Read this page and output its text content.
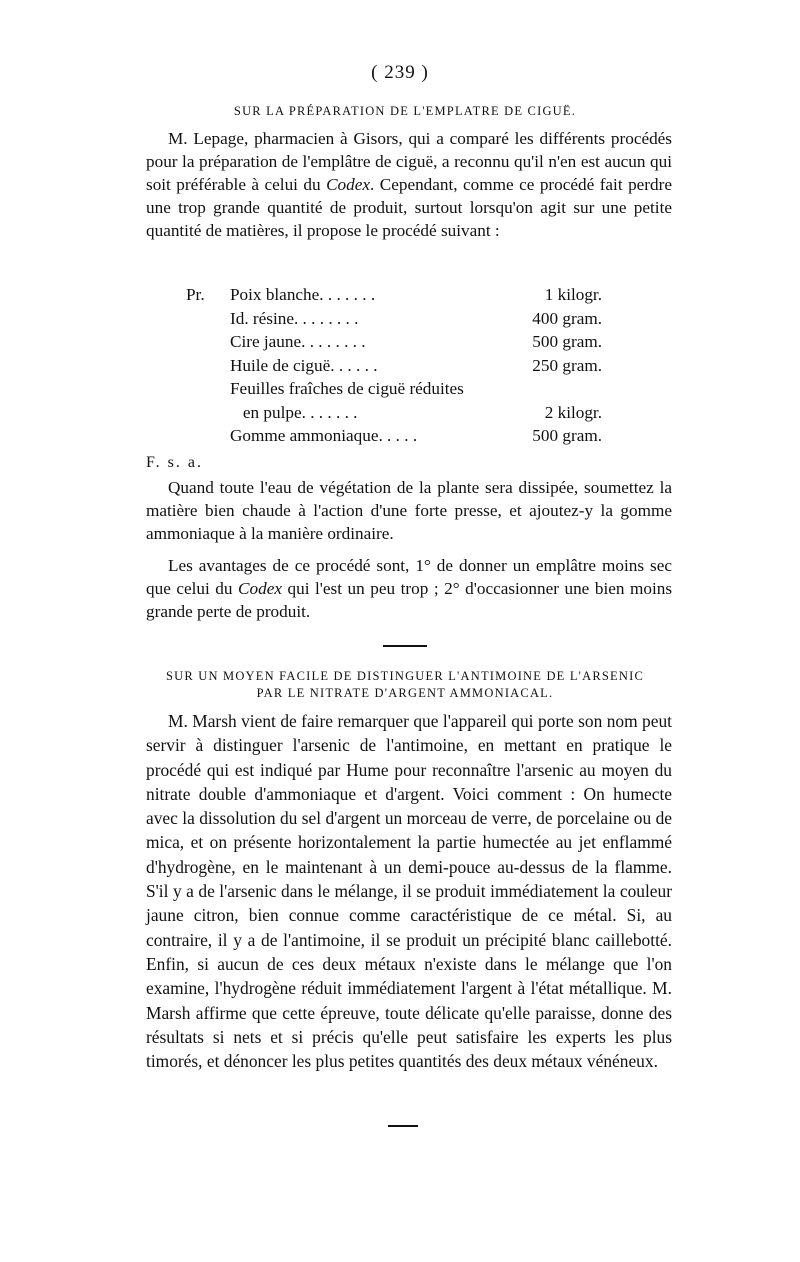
( 239 )
SUR LA PRÉPARATION DE L'EMPLATRE DE CIGUË.

M. Lepage, pharmacien à Gisors, qui a comparé les différents procédés pour la préparation de l'emplâtre de ciguë, a reconnu qu'il n'en est aucun qui soit préférable à celui du Codex. Cependant, comme ce procédé fait perdre une trop grande quantité de produit, surtout lorsqu'on agit sur une petite quantité de matières, il propose le procédé suivant :

Pr. Poix blanche. . . . . . .	1 kilogr.
Id. résine. . . . . . . .	400 gram.
Cire jaune. . . . . . . .	500 gram.
Huile de ciguë. . . . . .	250 gram.
Feuilles fraîches de ciguë réduites
en pulpe. . . . . . .	2 kilogr.
Gomme ammoniaque. . . . .	500 gram.
F. s. a.

Quand toute l'eau de végétation de la plante sera dissipée, soumettez la matière bien chaude à l'action d'une forte presse, et ajoutez-y la gomme ammoniaque à la manière ordinaire.

Les avantages de ce procédé sont, 1° de donner un emplâtre moins sec que celui du Codex qui l'est un peu trop ; 2° d'occasionner une bien moins grande perte de produit.

SUR UN MOYEN FACILE DE DISTINGUER L'ANTIMOINE DE L'ARSENIC
PAR LE NITRATE D'ARGENT AMMONIACAL.

M. Marsh vient de faire remarquer que l'appareil qui porte son nom peut servir à distinguer l'arsenic de l'antimoine, en mettant en pratique le procédé qui est indiqué par Hume pour reconnaître l'arsenic au moyen du nitrate double d'ammoniaque et d'argent. Voici comment : On humecte avec la dissolution du sel d'argent un morceau de verre, de porcelaine ou de mica, et on présente horizontalement la partie humectée au jet enflammé d'hydrogène, en le maintenant à un demi-pouce au-dessus de la flamme. S'il y a de l'arsenic dans le mélange, il se produit immédiatement la couleur jaune citron, bien connue comme caractéristique de ce métal. Si, au contraire, il y a de l'antimoine, il se produit un précipité blanc caillebotté. Enfin, si aucun de ces deux métaux n'existe dans le mélange que l'on examine, l'hydrogène réduit immédiatement l'argent à l'état métallique. M. Marsh affirme que cette épreuve, toute délicate qu'elle paraisse, donne des résultats si nets et si précis qu'elle peut satisfaire les experts les plus timorés, et dénoncer les plus petites quantités des deux métaux vénéneux.
